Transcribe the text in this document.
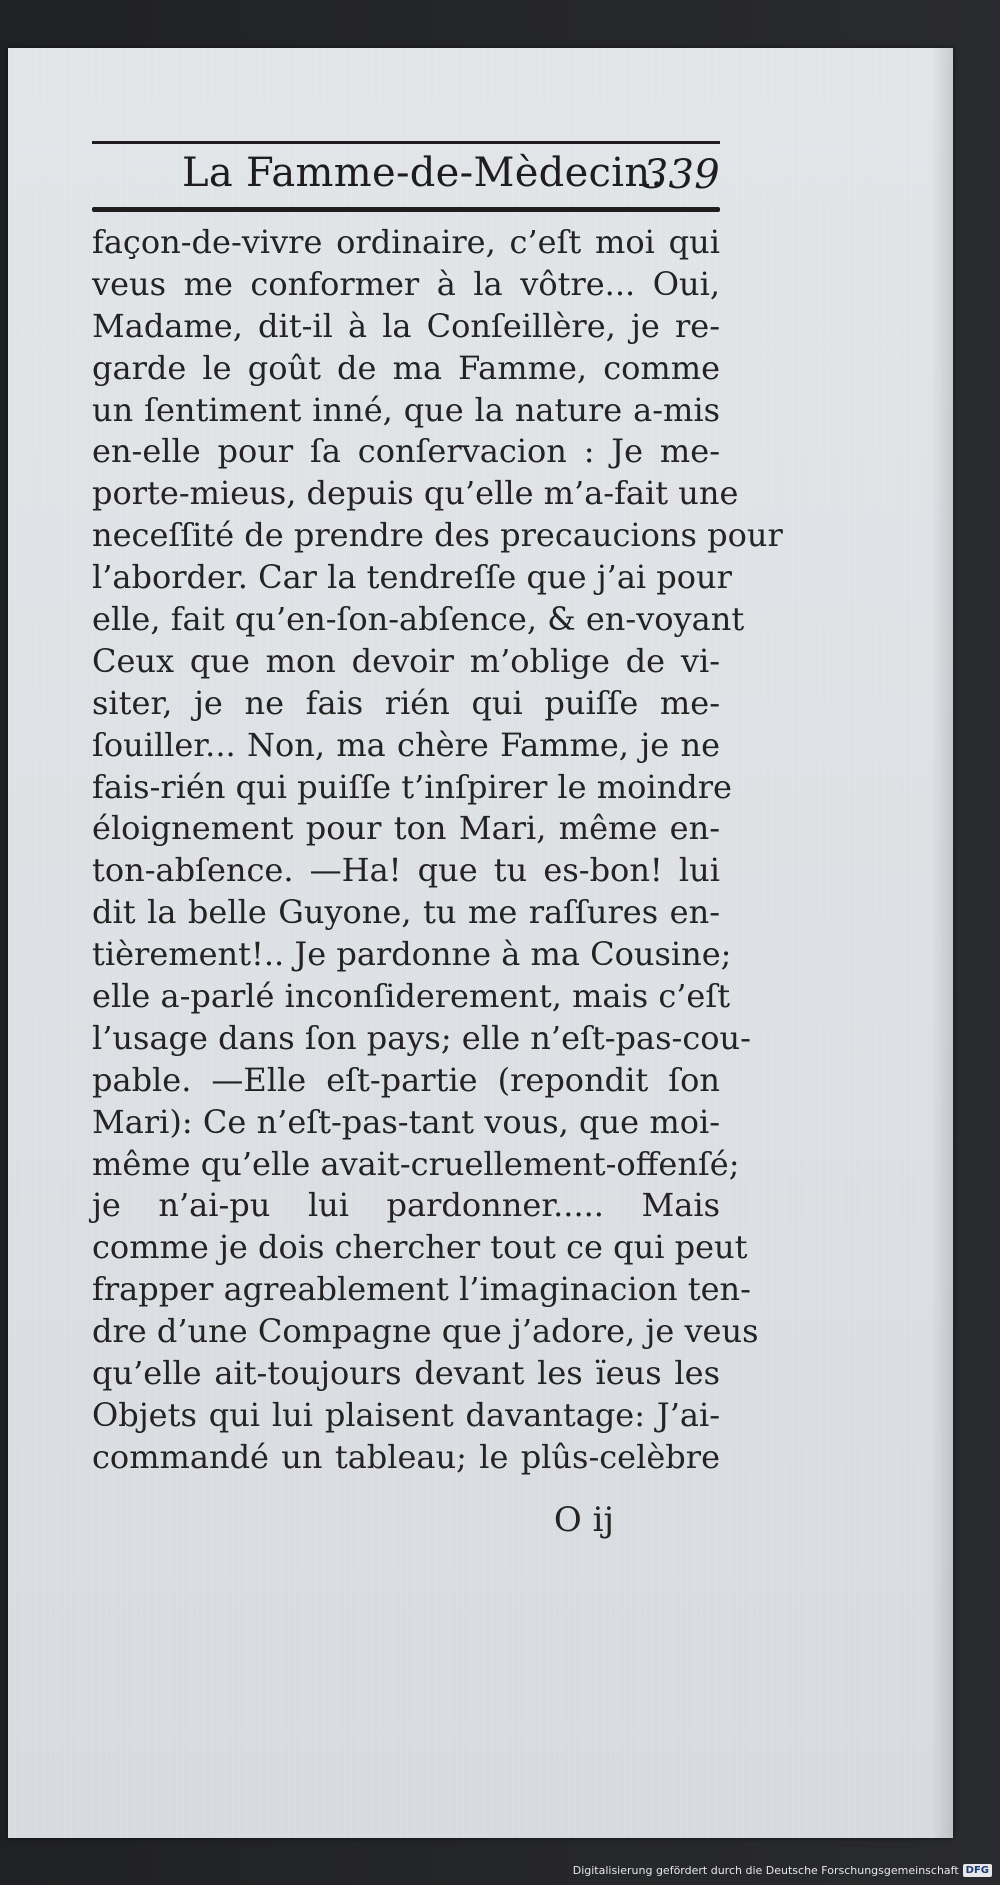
La Famme-de-Mèdecin.
339
façon-de-vivre ordinaire, c’eſt moi qui
veus me conformer à la vôtre... Oui,
Madame, dit-il à la Conſeillère, je re-
garde le goût de ma Famme, comme
un ſentiment inné, que la nature a-mis
en-elle pour ſa conſervacion : Je me-
porte-mieus, depuis qu’elle m’a-fait une
neceſſité de prendre des precaucions pour
l’aborder. Car la tendreſſe que j’ai pour
elle, fait qu’en-ſon-abſence, & en-voyant
Ceux que mon devoir m’oblige de vi-
siter, je ne fais rién qui puiſſe me-
ſouiller... Non, ma chère Famme, je ne
fais-rién qui puiſſe t’inſpirer le moindre
éloignement pour ton Mari, même en-
ton-abſence. —Ha! que tu es-bon! lui
dit la belle Guyone, tu me raſſures en-
tièrement!.. Je pardonne à ma Cousine;
elle a-parlé inconſiderement, mais c’eſt
l’usage dans ſon pays; elle n’eſt-pas-cou-
pable. —Elle eſt-partie (repondit ſon
Mari): Ce n’eſt-pas-tant vous, que moi-
même qu’elle avait-cruellement-offenſé;
je n’ai-pu lui pardonner..... Mais
comme je dois chercher tout ce qui peut
frapper agreablement l’imaginacion ten-
dre d’une Compagne que j’adore, je veus
qu’elle ait-toujours devant les ïeus les
Objets qui lui plaisent davantage: J’ai-
commandé un tableau; le plûs-celèbre
O ij
Digitalisierung gefördert durch die Deutsche Forschungsgemeinschaft DFG
